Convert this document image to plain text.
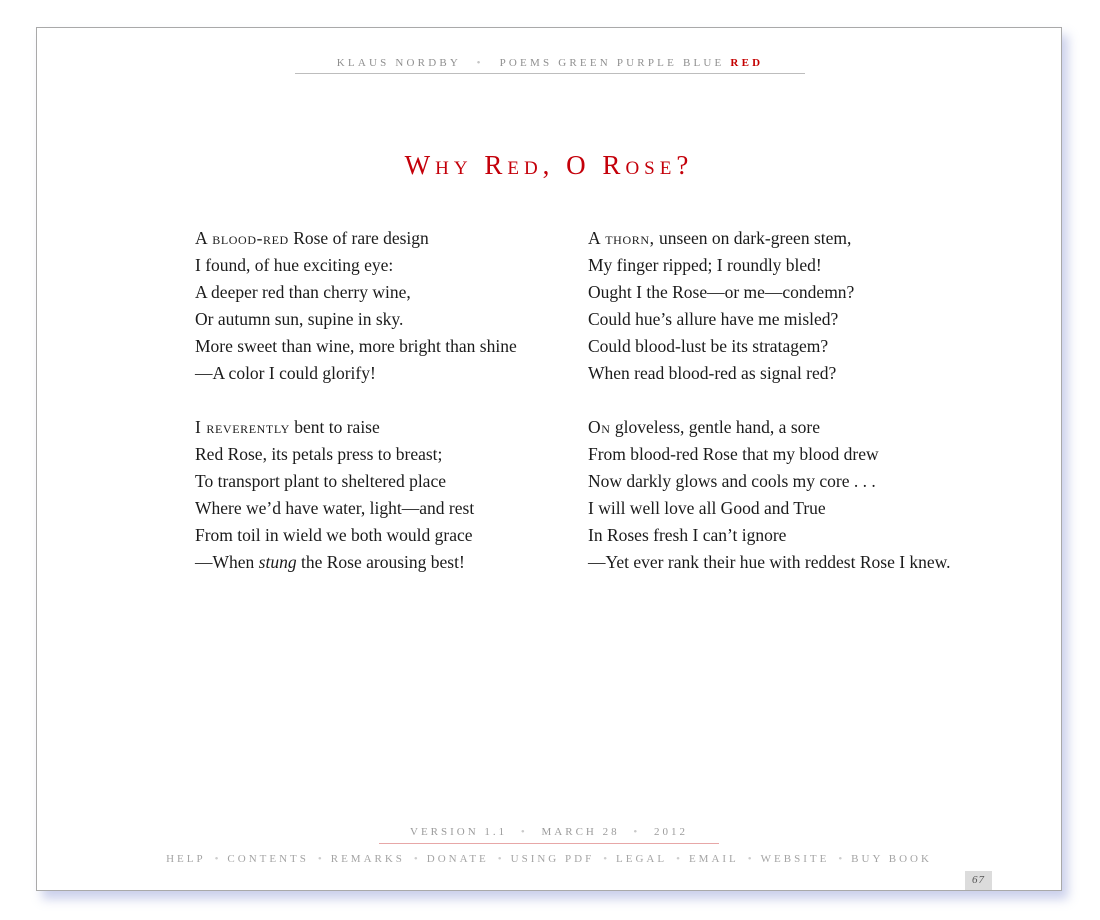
KLAUS NORDBY • POEMS GREEN PURPLE BLUE RED
Why Red, O Rose?
A blood-red Rose of rare design
I found, of hue exciting eye:
A deeper red than cherry wine,
Or autumn sun, supine in sky.
More sweet than wine, more bright than shine
—A color I could glorify!
I reverently bent to raise
Red Rose, its petals press to breast;
To transport plant to sheltered place
Where we’d have water, light—and rest
From toil in wield we both would grace
—When stung the Rose arousing best!
A thorn, unseen on dark-green stem,
My finger ripped; I roundly bled!
Ought I the Rose—or me—condemn?
Could hue’s allure have me misled?
Could blood-lust be its stratagem?
When read blood-red as signal red?
On gloveless, gentle hand, a sore
From blood-red Rose that my blood drew
Now darkly glows and cools my core . . .
I will well love all Good and True
In Roses fresh I can’t ignore
—Yet ever rank their hue with reddest Rose I knew.
VERSION 1.1 • MARCH 28 • 2012
HELP • CONTENTS • REMARKS • DONATE • USING PDF • LEGAL • EMAIL • WEBSITE • BUY BOOK
67
